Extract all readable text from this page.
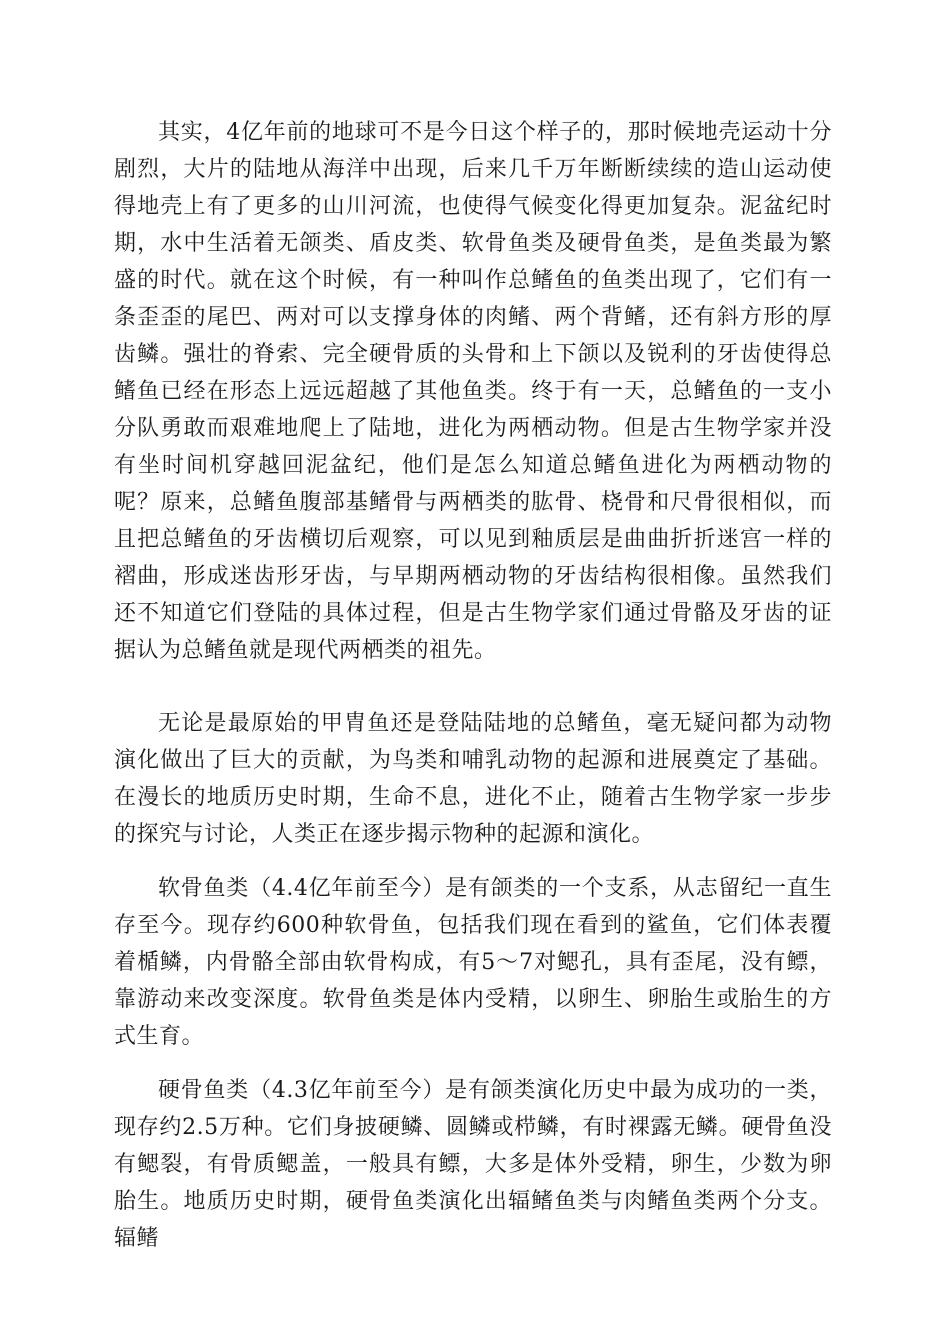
其实，4亿年前的地球可不是今日这个样子的，那时候地壳运动十分剧烈，大片的陆地从海洋中出现，后来几千万年断断续续的造山运动使得地壳上有了更多的山川河流，也使得气候变化得更加复杂。泥盆纪时期，水中生活着无颌类、盾皮类、软骨鱼类及硬骨鱼类，是鱼类最为繁盛的时代。就在这个时候，有一种叫作总鳍鱼的鱼类出现了，它们有一条歪歪的尾巴、两对可以支撑身体的肉鳍、两个背鳍，还有斜方形的厚齿鳞。强壮的脊索、完全硬骨质的头骨和上下颌以及锐利的牙齿使得总鳍鱼已经在形态上远远超越了其他鱼类。终于有一天，总鳍鱼的一支小分队勇敢而艰难地爬上了陆地，进化为两栖动物。但是古生物学家并没有坐时间机穿越回泥盆纪，他们是怎么知道总鳍鱼进化为两栖动物的呢？原来，总鳍鱼腹部基鳍骨与两栖类的肱骨、桡骨和尺骨很相似，而且把总鳍鱼的牙齿横切后观察，可以见到釉质层是曲曲折折迷宫一样的褶曲，形成迷齿形牙齿，与早期两栖动物的牙齿结构很相像。虽然我们还不知道它们登陆的具体过程，但是古生物学家们通过骨骼及牙齿的证据认为总鳍鱼就是现代两栖类的祖先。

无论是最原始的甲胄鱼还是登陆陆地的总鳍鱼，毫无疑问都为动物演化做出了巨大的贡献，为鸟类和哺乳动物的起源和进展奠定了基础。在漫长的地质历史时期，生命不息，进化不止，随着古生物学家一步步的探究与讨论，人类正在逐步揭示物种的起源和演化。

软骨鱼类（4.4亿年前至今）是有颌类的一个支系，从志留纪一直生存至今。现存约600种软骨鱼，包括我们现在看到的鲨鱼，它们体表覆着楯鳞，内骨骼全部由软骨构成，有5～7对鳃孔，具有歪尾，没有鳔，靠游动来改变深度。软骨鱼类是体内受精，以卵生、卵胎生或胎生的方式生育。

硬骨鱼类（4.3亿年前至今）是有颌类演化历史中最为成功的一类，现存约2.5万种。它们身披硬鳞、圆鳞或栉鳞，有时裸露无鳞。硬骨鱼没有鳃裂，有骨质鳃盖，一般具有鳔，大多是体外受精，卵生，少数为卵胎生。地质历史时期，硬骨鱼类演化出辐鳍鱼类与肉鳍鱼类两个分支。辐鳍
